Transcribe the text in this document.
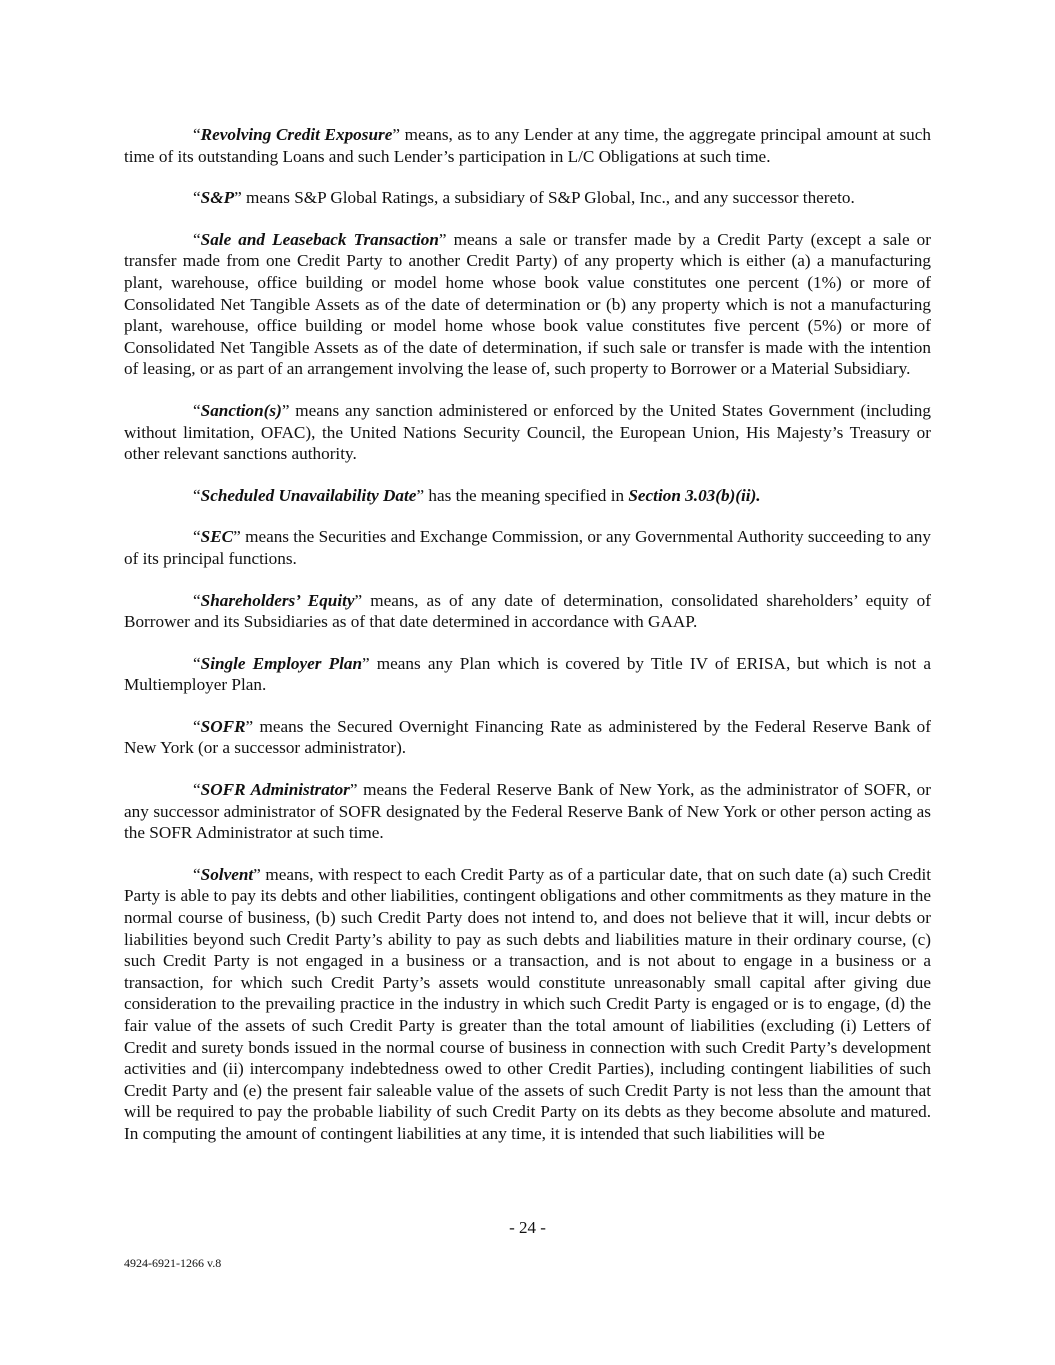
“Revolving Credit Exposure” means, as to any Lender at any time, the aggregate principal amount at such time of its outstanding Loans and such Lender’s participation in L/C Obligations at such time.

“S&P” means S&P Global Ratings, a subsidiary of S&P Global, Inc., and any successor thereto.

“Sale and Leaseback Transaction” means a sale or transfer made by a Credit Party (except a sale or transfer made from one Credit Party to another Credit Party) of any property which is either (a) a manufacturing plant, warehouse, office building or model home whose book value constitutes one percent (1%) or more of Consolidated Net Tangible Assets as of the date of determination or (b) any property which is not a manufacturing plant, warehouse, office building or model home whose book value constitutes five percent (5%) or more of Consolidated Net Tangible Assets as of the date of determination, if such sale or transfer is made with the intention of leasing, or as part of an arrangement involving the lease of, such property to Borrower or a Material Subsidiary.

“Sanction(s)” means any sanction administered or enforced by the United States Government (including without limitation, OFAC), the United Nations Security Council, the European Union, His Majesty’s Treasury or other relevant sanctions authority.

“Scheduled Unavailability Date” has the meaning specified in Section 3.03(b)(ii).

“SEC” means the Securities and Exchange Commission, or any Governmental Authority succeeding to any of its principal functions.

“Shareholders’ Equity” means, as of any date of determination, consolidated shareholders’ equity of Borrower and its Subsidiaries as of that date determined in accordance with GAAP.

“Single Employer Plan” means any Plan which is covered by Title IV of ERISA, but which is not a Multiemployer Plan.

“SOFR” means the Secured Overnight Financing Rate as administered by the Federal Reserve Bank of New York (or a successor administrator).

“SOFR Administrator” means the Federal Reserve Bank of New York, as the administrator of SOFR, or any successor administrator of SOFR designated by the Federal Reserve Bank of New York or other person acting as the SOFR Administrator at such time.

“Solvent” means, with respect to each Credit Party as of a particular date, that on such date (a) such Credit Party is able to pay its debts and other liabilities, contingent obligations and other commitments as they mature in the normal course of business, (b) such Credit Party does not intend to, and does not believe that it will, incur debts or liabilities beyond such Credit Party’s ability to pay as such debts and liabilities mature in their ordinary course, (c) such Credit Party is not engaged in a business or a transaction, and is not about to engage in a business or a transaction, for which such Credit Party’s assets would constitute unreasonably small capital after giving due consideration to the prevailing practice in the industry in which such Credit Party is engaged or is to engage, (d) the fair value of the assets of such Credit Party is greater than the total amount of liabilities (excluding (i) Letters of Credit and surety bonds issued in the normal course of business in connection with such Credit Party’s development activities and (ii) intercompany indebtedness owed to other Credit Parties), including contingent liabilities of such Credit Party and (e) the present fair saleable value of the assets of such Credit Party is not less than the amount that will be required to pay the probable liability of such Credit Party on its debts as they become absolute and matured. In computing the amount of contingent liabilities at any time, it is intended that such liabilities will be

- 24 -
4924-6921-1266 v.8
